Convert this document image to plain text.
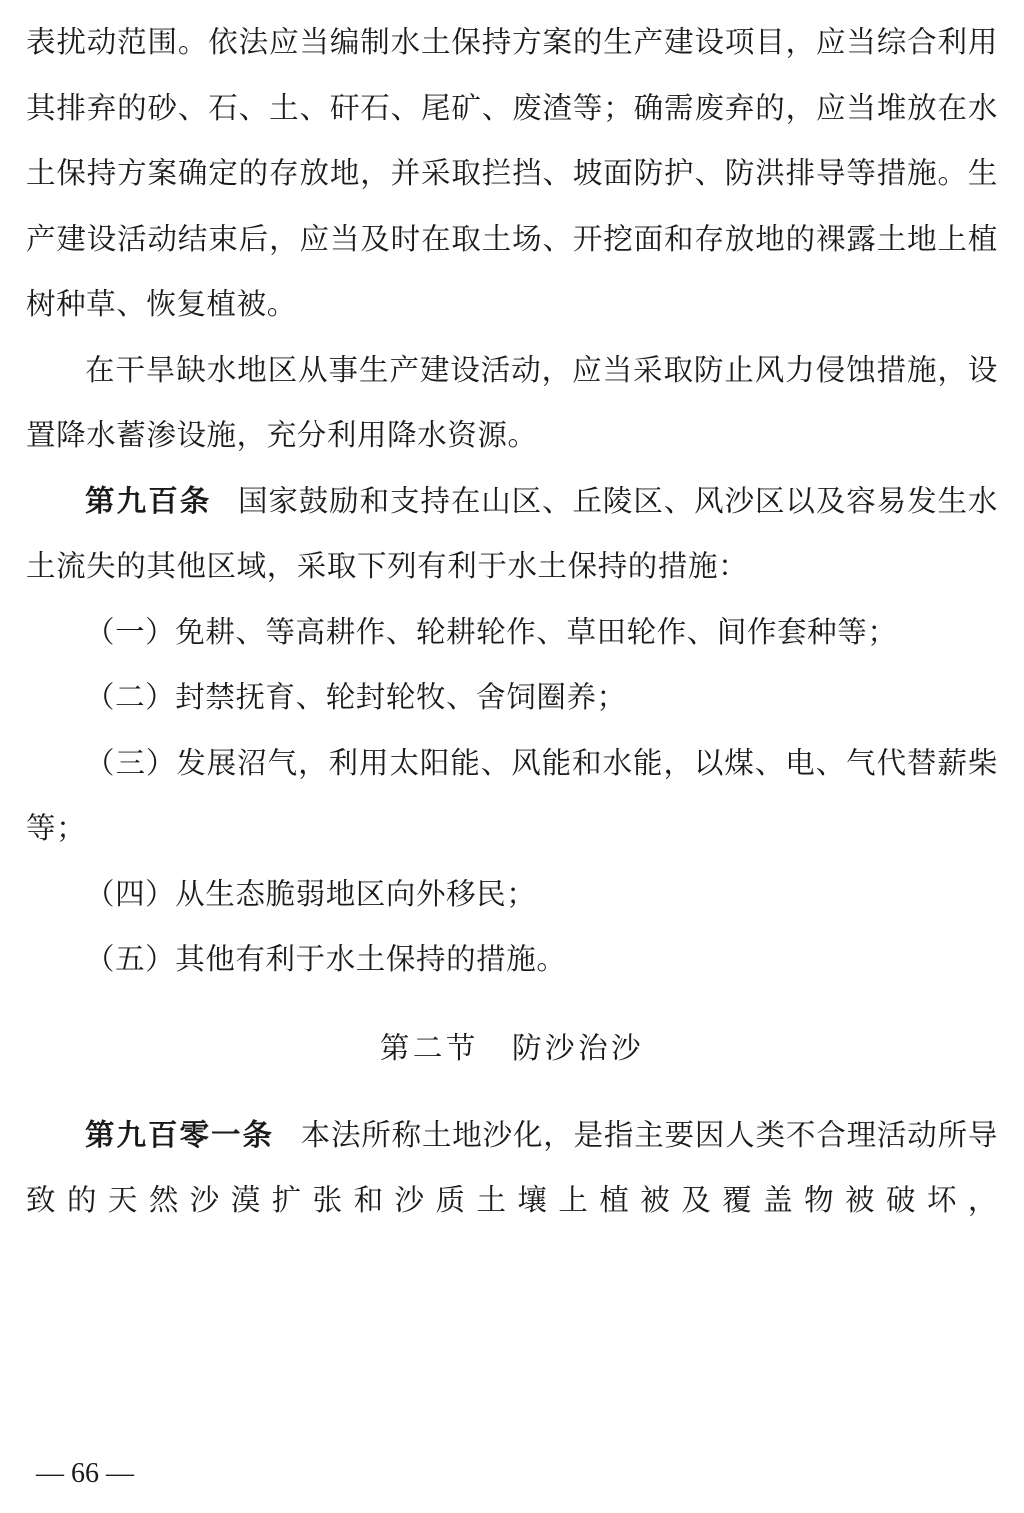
表扰动范围。依法应当编制水土保持方案的生产建设项目，应当综合利用其排弃的砂、石、土、矸石、尾矿、废渣等；确需废弃的，应当堆放在水土保持方案确定的存放地，并采取拦挡、坡面防护、防洪排导等措施。生产建设活动结束后，应当及时在取土场、开挖面和存放地的裸露土地上植树种草、恢复植被。

在干旱缺水地区从事生产建设活动，应当采取防止风力侵蚀措施，设置降水蓄渗设施，充分利用降水资源。

第九百条 国家鼓励和支持在山区、丘陵区、风沙区以及容易发生水土流失的其他区域，采取下列有利于水土保持的措施：

（一）免耕、等高耕作、轮耕轮作、草田轮作、间作套种等；

（二）封禁抚育、轮封轮牧、舍饲圈养；

（三）发展沼气，利用太阳能、风能和水能，以煤、电、气代替薪柴等；

（四）从生态脆弱地区向外移民；

（五）其他有利于水土保持的措施。

第二节　防沙治沙

第九百零一条 本法所称土地沙化，是指主要因人类不合理活动所导致的天然沙漠扩张和沙质土壤上植被及覆盖物被破坏，

— 66 —
